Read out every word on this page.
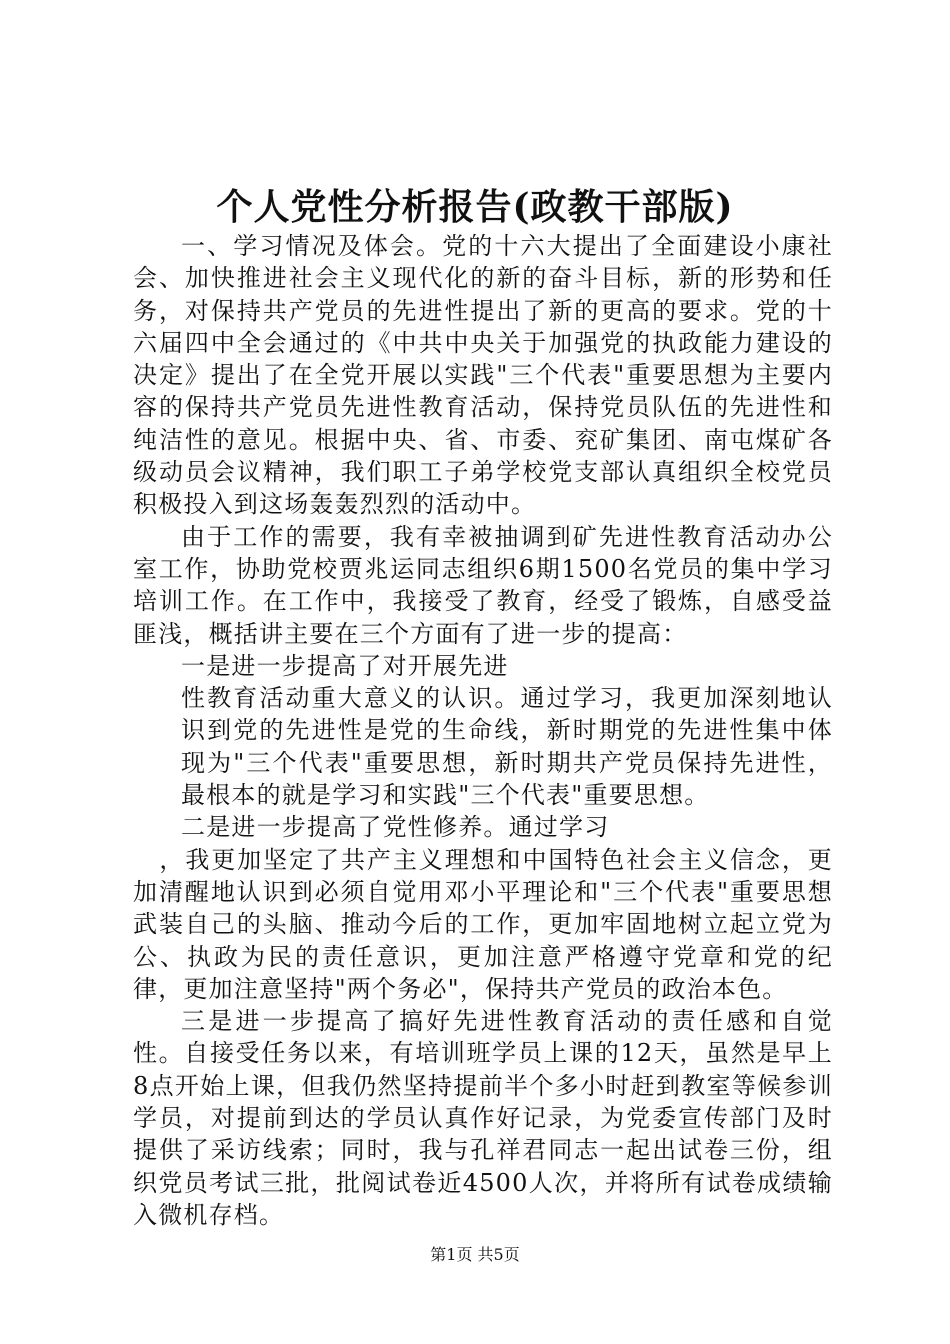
个人党性分析报告(政教干部版)

一、学习情况及体会。党的十六大提出了全面建设小康社会、加快推进社会主义现代化的新的奋斗目标，新的形势和任务，对保持共产党员的先进性提出了新的更高的要求。党的十六届四中全会通过的《中共中央关于加强党的执政能力建设的决定》提出了在全党开展以实践"三个代表"重要思想为主要内容的保持共产党员先进性教育活动，保持党员队伍的先进性和纯洁性的意见。根据中央、省、市委、兖矿集团、南屯煤矿各级动员会议精神，我们职工子弟学校党支部认真组织全校党员积极投入到这场轰轰烈烈的活动中。

由于工作的需要，我有幸被抽调到矿先进性教育活动办公室工作，协助党校贾兆运同志组织6期1500名党员的集中学习培训工作。在工作中，我接受了教育，经受了锻炼，自感受益匪浅，概括讲主要在三个方面有了进一步的提高：

一是进一步提高了对开展先进

性教育活动重大意义的认识。通过学习，我更加深刻地认识到党的先进性是党的生命线，新时期党的先进性集中体现为"三个代表"重要思想，新时期共产党员保持先进性，最根本的就是学习和实践"三个代表"重要思想。

二是进一步提高了党性修养。通过学习

，我更加坚定了共产主义理想和中国特色社会主义信念，更加清醒地认识到必须自觉用邓小平理论和"三个代表"重要思想武装自己的头脑、推动今后的工作，更加牢固地树立起立党为公、执政为民的责任意识，更加注意严格遵守党章和党的纪律，更加注意坚持"两个务必"，保持共产党员的政治本色。

三是进一步提高了搞好先进性教育活动的责任感和自觉性。自接受任务以来，有培训班学员上课的12天，虽然是早上8点开始上课，但我仍然坚持提前半个多小时赶到教室等候参训学员，对提前到达的学员认真作好记录，为党委宣传部门及时提供了采访线索；同时，我与孔祥君同志一起出试卷三份，组织党员考试三批，批阅试卷近4500人次，并将所有试卷成绩输入微机存档。

第1页 共5页
